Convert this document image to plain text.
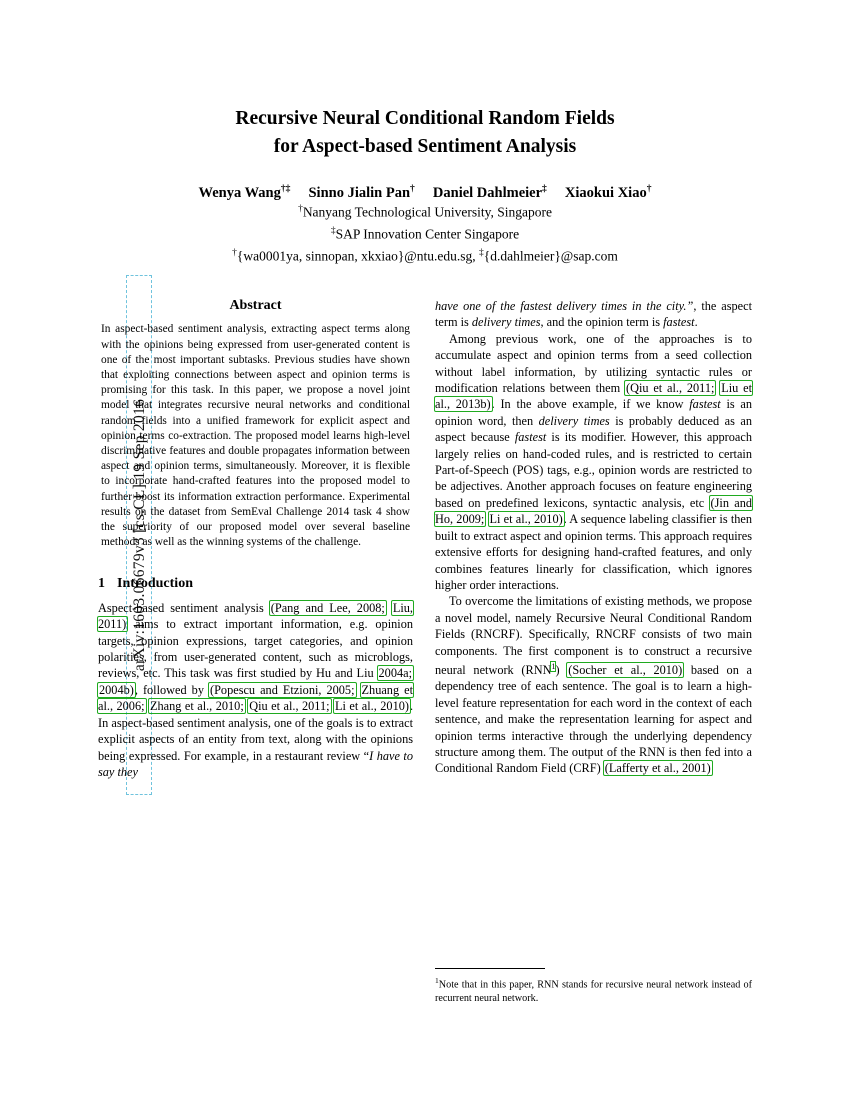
arXiv:1603.06679v3 [cs.CL] 19 Sep 2016
Recursive Neural Conditional Random Fields
for Aspect-based Sentiment Analysis
Wenya Wang†‡ Sinno Jialin Pan† Daniel Dahlmeier‡ Xiaokui Xiao†
†Nanyang Technological University, Singapore
‡SAP Innovation Center Singapore
†{wa0001ya, sinnopan, xkxiao}@ntu.edu.sg, ‡{d.dahlmeier}@sap.com
Abstract
In aspect-based sentiment analysis, extracting aspect terms along with the opinions being expressed from user-generated content is one of the most important subtasks. Previous studies have shown that exploiting connections between aspect and opinion terms is promising for this task. In this paper, we propose a novel joint model that integrates recursive neural networks and conditional random fields into a unified framework for explicit aspect and opinion terms co-extraction. The proposed model learns high-level discriminative features and double propagates information between aspect and opinion terms, simultaneously. Moreover, it is flexible to incorporate hand-crafted features into the proposed model to further boost its information extraction performance. Experimental results on the dataset from SemEval Challenge 2014 task 4 show the superiority of our proposed model over several baseline methods as well as the winning systems of the challenge.
1 Introduction

Aspect-based sentiment analysis (Pang and Lee, 2008; Liu, 2011) aims to extract important information, e.g. opinion targets, opinion expressions, target categories, and opinion polarities, from user-generated content, such as microblogs, reviews, etc. This task was first studied by Hu and Liu 2004a; 2004b), followed by (Popescu and Etzioni, 2005; Zhuang et al., 2006; Zhang et al., 2010; Qiu et al., 2011; Li et al., 2010). In aspect-based sentiment analysis, one of the goals is to extract explicit aspects of an entity from text, along with the opinions being expressed. For example, in a restaurant review “I have to say they

have one of the fastest delivery times in the city.”, the aspect term is delivery times, and the opinion term is fastest.

Among previous work, one of the approaches is to accumulate aspect and opinion terms from a seed collection without label information, by utilizing syntactic rules or modification relations between them (Qiu et al., 2011; Liu et al., 2013b). In the above example, if we know fastest is an opinion word, then delivery times is probably deduced as an aspect because fastest is its modifier. However, this approach largely relies on hand-coded rules, and is restricted to certain Part-of-Speech (POS) tags, e.g., opinion words are restricted to be adjectives. Another approach focuses on feature engineering based on predefined lexicons, syntactic analysis, etc (Jin and Ho, 2009; Li et al., 2010). A sequence labeling classifier is then built to extract aspect and opinion terms. This approach requires extensive efforts for designing hand-crafted features, and only combines features linearly for classification, which ignores higher order interactions.

To overcome the limitations of existing methods, we propose a novel model, namely Recursive Neural Conditional Random Fields (RNCRF). Specifically, RNCRF consists of two main components. The first component is to construct a recursive neural network (RNN$^1$) (Socher et al., 2010) based on a dependency tree of each sentence. The goal is to learn a high-level feature representation for each word in the context of each sentence, and make the representation learning for aspect and opinion terms interactive through the underlying dependency structure among them. The output of the RNN is then fed into a Conditional Random Field (CRF) (Lafferty et al., 2001)

$^1$Note that in this paper, RNN stands for recursive neural network instead of recurrent neural network.
